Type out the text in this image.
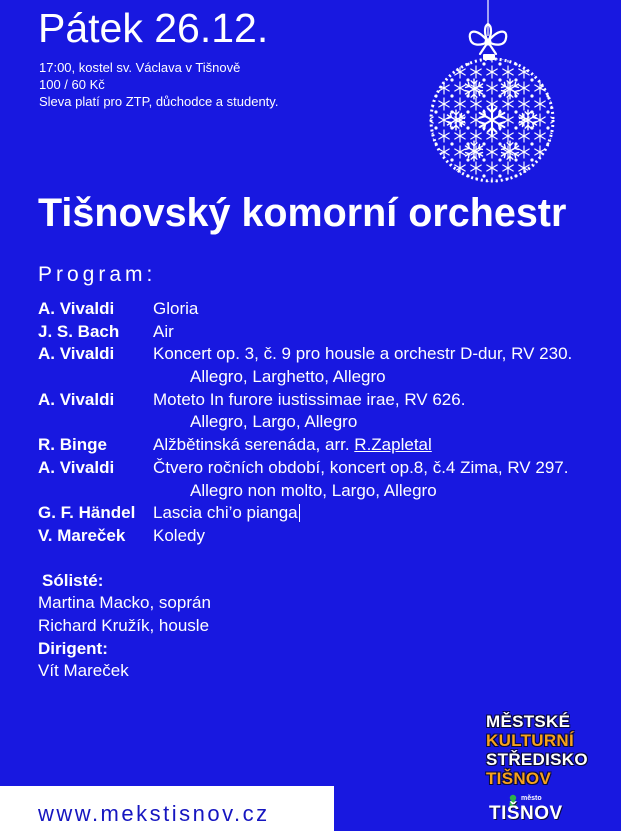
Pátek 26.12.
17:00, kostel sv. Václava v Tišnově
100 / 60 Kč
Sleva platí pro ZTP, důchodce a studenty.
Tišnovský komorní orchestr
Program:
A. Vivaldi Gloria
J. S. Bach Air
A. Vivaldi Koncert op. 3, č. 9 pro housle a orchestr D-dur, RV 230.
Allegro, Larghetto, Allegro
A. Vivaldi Moteto In furore iustissimae irae, RV 626.
Allegro, Largo, Allegro
R. Binge	Alžbětinská serenáda, arr. R.Zapletal
A. Vivaldi Čtvero ročních období, koncert op.8, č.4 Zima, RV 297.
Allegro non molto, Largo, Allegro
G. F. Händel Lascia chi’o pianga
V. Mareček Koledy
Sólisté:
Martina Macko, soprán
Richard Kružík, housle
Dirigent:
Vít Mareček
www.mekstisnov.cz
MĚSTSKÉ
KULTURNÍ
STŘEDISKO
TIŠNOV
město
TIŠNOV
